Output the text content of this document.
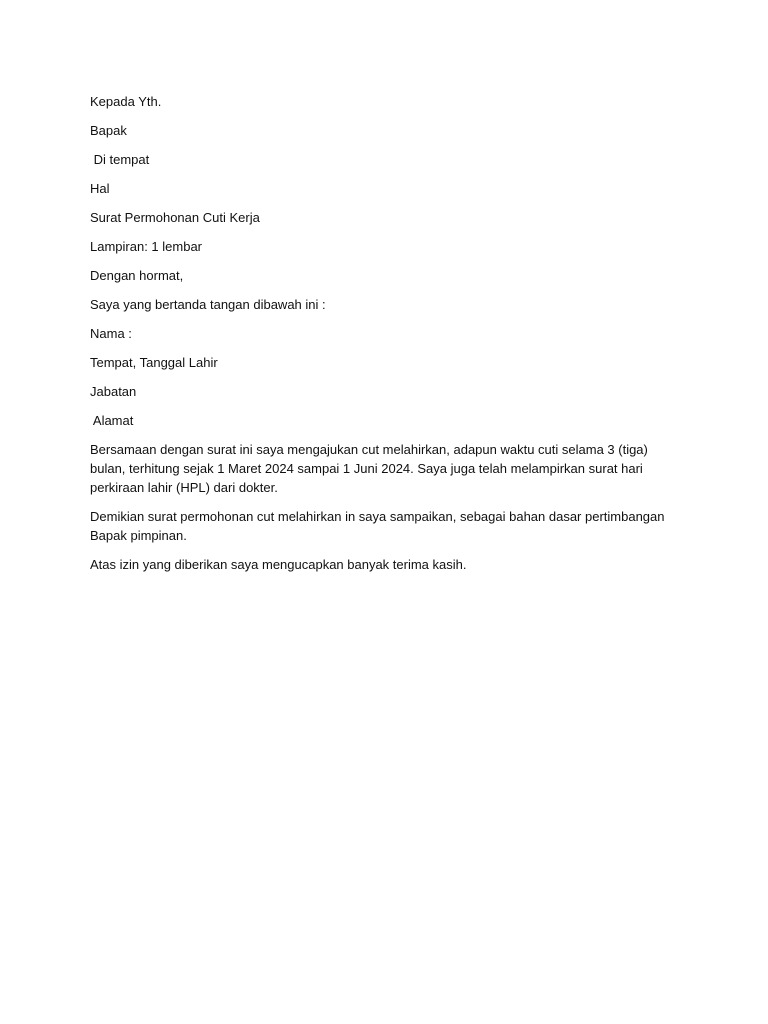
Kepada Yth.

Bapak

Di tempat

Hal

Surat Permohonan Cuti Kerja

Lampiran: 1 lembar

Dengan hormat,

Saya yang bertanda tangan dibawah ini :

Nama :

Tempat, Tanggal Lahir

Jabatan

Alamat

Bersamaan dengan surat ini saya mengajukan cut melahirkan, adapun waktu cuti selama 3 (tiga) bulan, terhitung sejak 1 Maret 2024 sampai 1 Juni 2024. Saya juga telah melampirkan surat hari perkiraan lahir (HPL) dari dokter.

Demikian surat permohonan cut melahirkan in saya sampaikan, sebagai bahan dasar pertimbangan Bapak pimpinan.

Atas izin yang diberikan saya mengucapkan banyak terima kasih.
